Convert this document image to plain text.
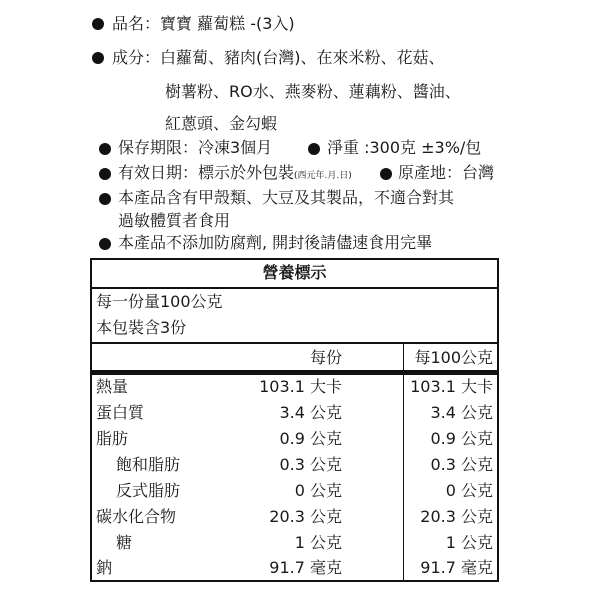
品名：寶寶 蘿蔔糕 -(3入)
成分：白蘿蔔、豬肉(台灣)、在來米粉、花菇、
樹薯粉、RO水、燕麥粉、蓮藕粉、醬油、
紅蔥頭、金勾蝦
保存期限：冷凍3個月	淨重 :300克 ±3%/包
有效日期：標示於外包裝(西元年.月.日)	原產地：台灣
本產品含有甲殼類、大豆及其製品，不適合對其
過敏體質者食用
本產品不添加防腐劑, 開封後請儘速食用完畢
營養標示
每一份量100公克
本包裝含3份
每份	每100公克
熱量	103.1 大卡	103.1 大卡
蛋白質	3.4 公克	3.4 公克
脂肪	0.9 公克	0.9 公克
飽和脂肪	0.3 公克	0.3 公克
反式脂肪	0 公克	0 公克
碳水化合物	20.3 公克	20.3 公克
糖	1 公克	1 公克
鈉	91.7 毫克	91.7 毫克
